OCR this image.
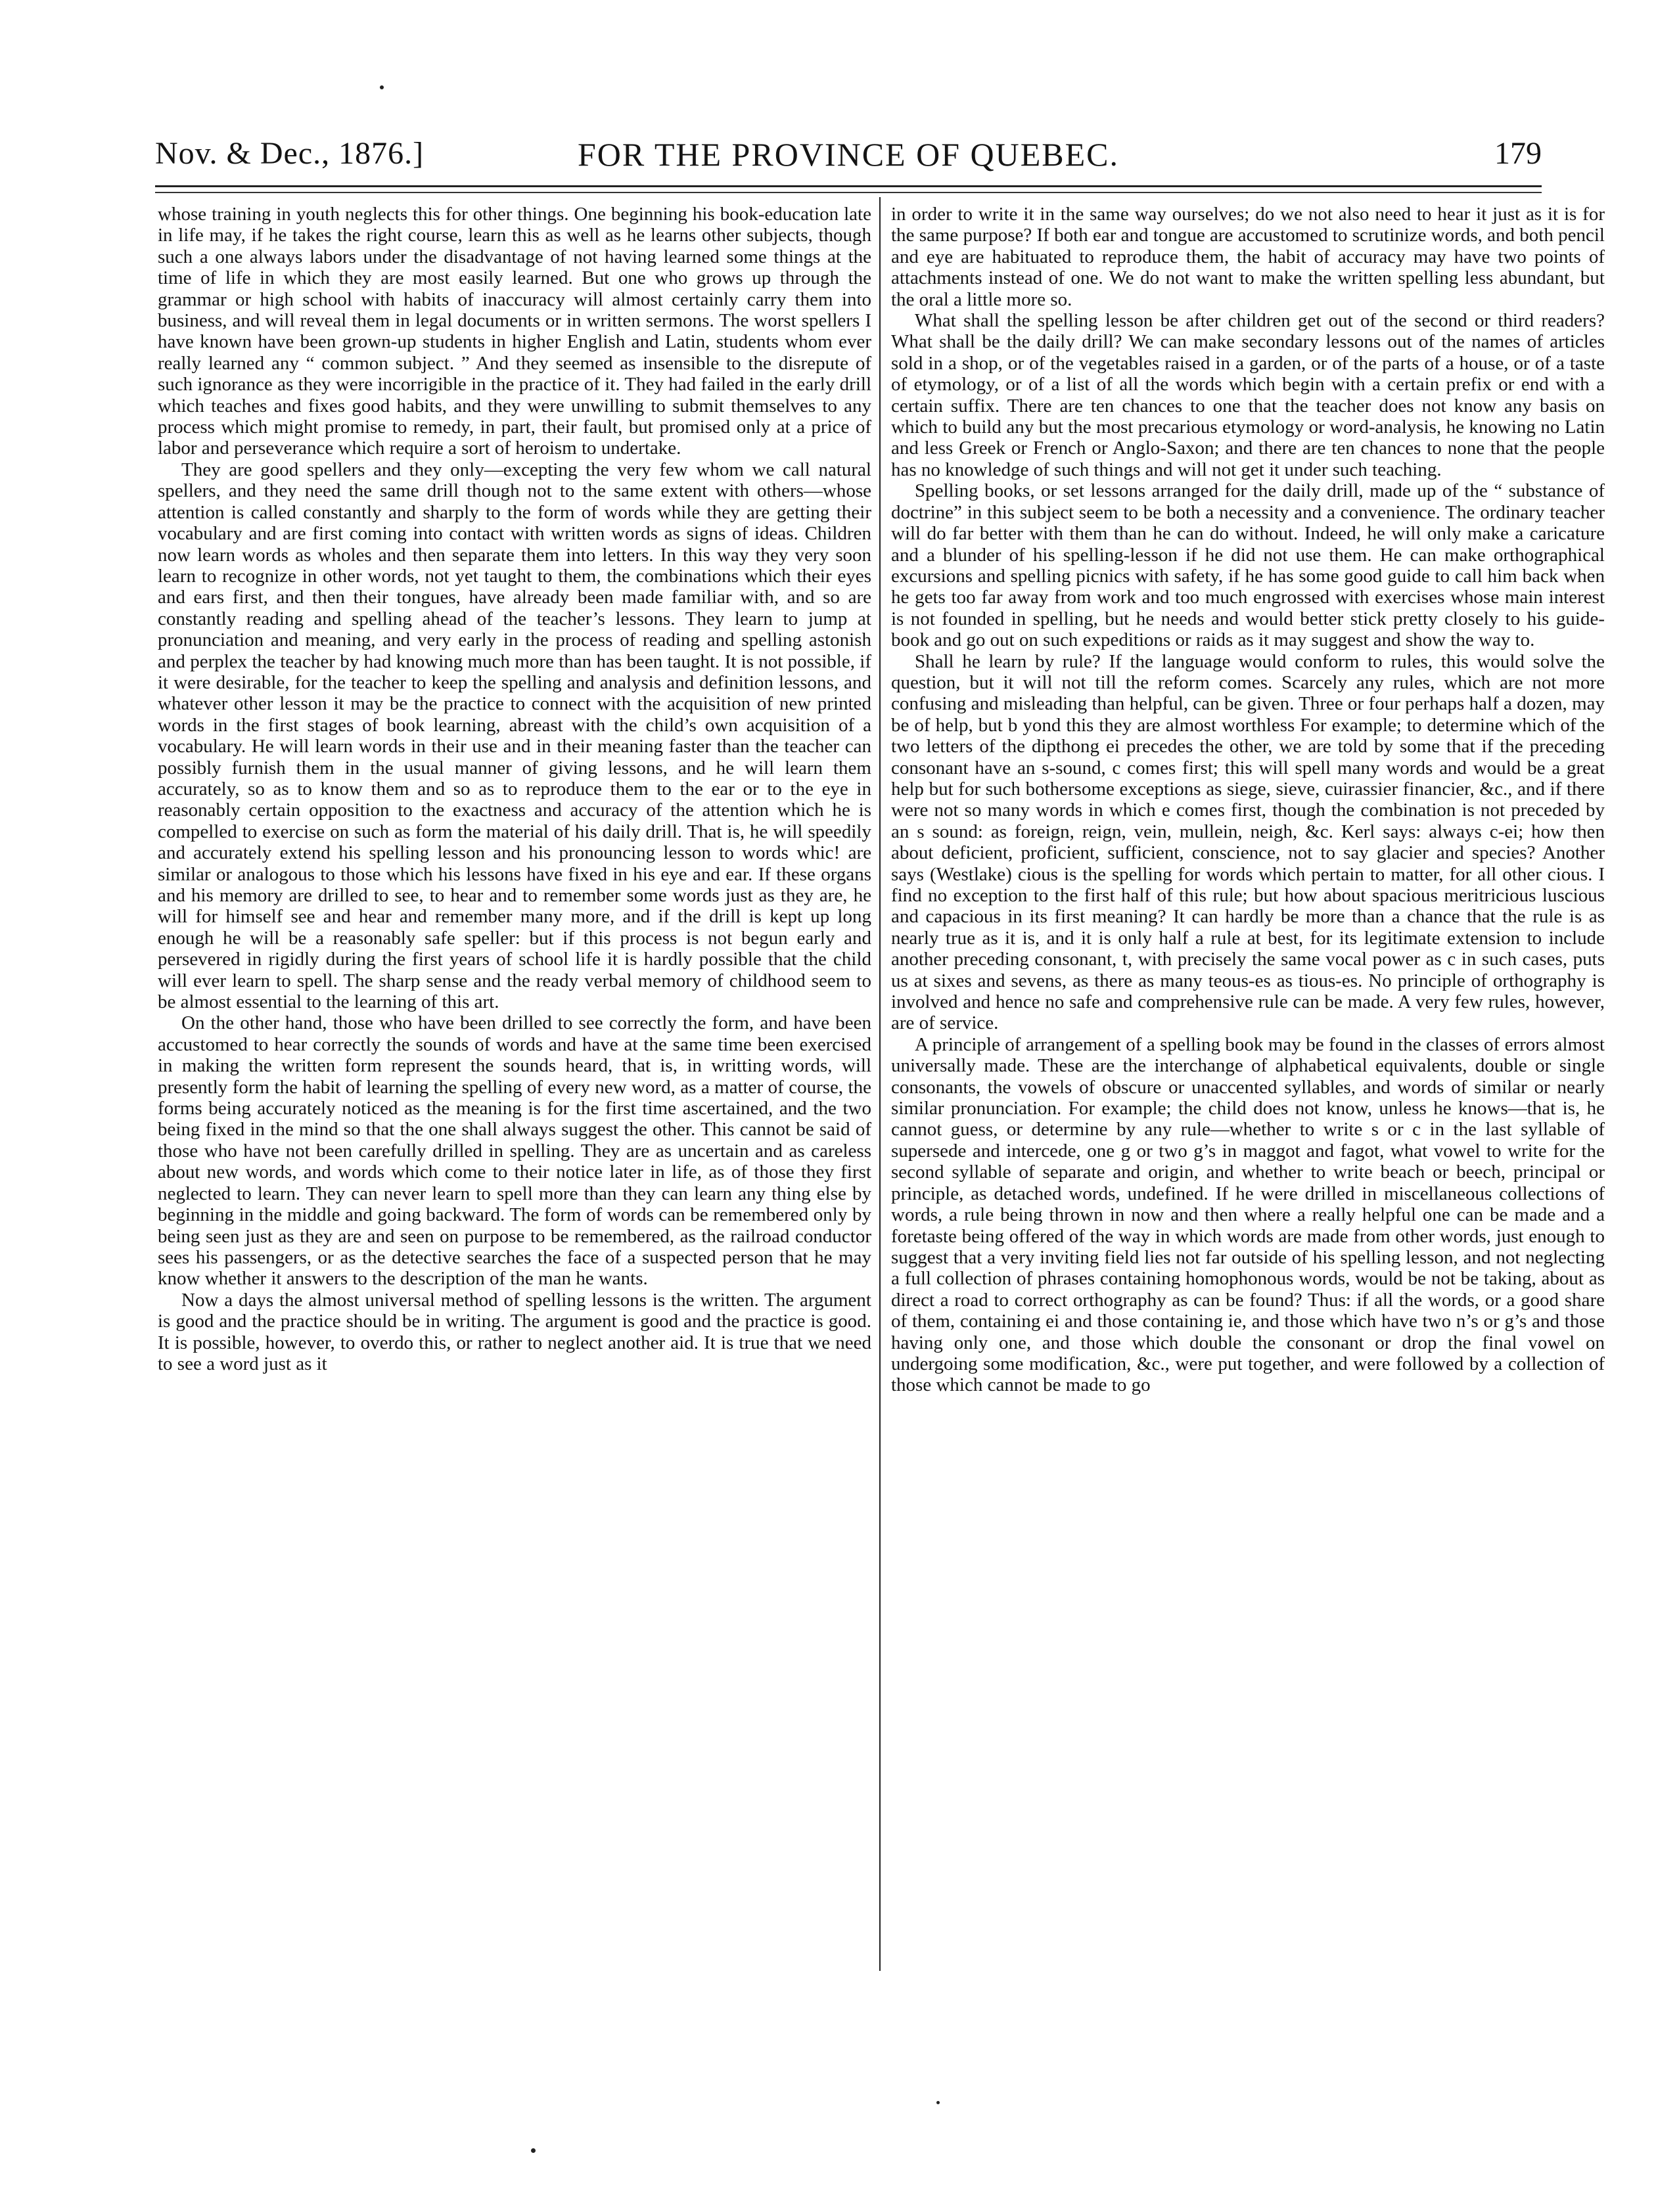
Nov. & Dec., 1876.]	FOR THE PROVINCE OF QUEBEC.	179

whose training in youth neglects this for other things. One beginning his book-education late in life may, if he takes the right course, learn this as well as he learns other subjects, though such a one always labors under the disadvantage of not having learned some things at the time of life in which they are most easily learned. But one who grows up through the grammar or high school with habits of inaccuracy will almost certainly carry them into business, and will reveal them in legal documents or in written sermons. The worst spellers I have known have been grown-up students in higher English and Latin, students whom ever really learned any “ common subject. ” And they seemed as insensible to the disrepute of such ignorance as they were incorrigible in the practice of it. They had failed in the early drill which teaches and fixes good habits, and they were unwilling to submit themselves to any process which might promise to remedy, in part, their fault, but promised only at a price of labor and perseverance which require a sort of heroism to undertake.

They are good spellers and they only—excepting the very few whom we call natural spellers, and they need the same drill though not to the same extent with others—whose attention is called constantly and sharply to the form of words while they are getting their vocabulary and are first coming into contact with written words as signs of ideas. Children now learn words as wholes and then separate them into letters. In this way they very soon learn to recognize in other words, not yet taught to them, the combinations which their eyes and ears first, and then their tongues, have already been made familiar with, and so are constantly reading and spelling ahead of the teacher’s lessons. They learn to jump at pronunciation and meaning, and very early in the process of reading and spelling astonish and perplex the teacher by had knowing much more than has been taught. It is not possible, if it were desirable, for the teacher to keep the spelling and analysis and definition lessons, and whatever other lesson it may be the practice to connect with the acquisition of new printed words in the first stages of book learning, abreast with the child’s own acquisition of a vocabulary. He will learn words in their use and in their meaning faster than the teacher can possibly furnish them in the usual manner of giving lessons, and he will learn them accurately, so as to know them and so as to reproduce them to the ear or to the eye in reasonably certain opposition to the exactness and accuracy of the attention which he is compelled to exercise on such as form the material of his daily drill. That is, he will speedily and accurately extend his spelling lesson and his pronouncing lesson to words whic! are similar or analogous to those which his lessons have fixed in his eye and ear. If these organs and his memory are drilled to see, to hear and to remember some words just as they are, he will for himself see and hear and remember many more, and if the drill is kept up long enough he will be a reasonably safe speller: but if this process is not begun early and persevered in rigidly during the first years of school life it is hardly possible that the child will ever learn to spell. The sharp sense and the ready verbal memory of childhood seem to be almost essential to the learning of this art.

On the other hand, those who have been drilled to see correctly the form, and have been accustomed to hear correctly the sounds of words and have at the same time been exercised in making the written form represent the sounds heard, that is, in writting words, will presently form the habit of learning the spelling of every new word, as a matter of course, the forms being accurately noticed as the meaning is for the first time ascertained, and the two being fixed in the mind so that the one shall always suggest the other. This cannot be said of those who have not been carefully drilled in spelling. They are as uncertain and as careless about new words, and words which come to their notice later in life, as of those they first neglected to learn. They can never learn to spell more than they can learn any thing else by beginning in the middle and going backward. The form of words can be remembered only by being seen just as they are and seen on purpose to be remembered, as the railroad conductor sees his passengers, or as the detective searches the face of a suspected person that he may know whether it answers to the description of the man he wants.

Now a days the almost universal method of spelling lessons is the written. The argument is good and the practice should be in writing. The argument is good and the practice is good. It is possible, however, to overdo this, or rather to neglect another aid. It is true that we need to see a word just as it

in order to write it in the same way ourselves; do we not also need to hear it just as it is for the same purpose? If both ear and tongue are accustomed to scrutinize words, and both pencil and eye are habituated to reproduce them, the habit of accuracy may have two points of attachments instead of one. We do not want to make the written spelling less abundant, but the oral a little more so.

What shall the spelling lesson be after children get out of the second or third readers? What shall be the daily drill? We can make secondary lessons out of the names of articles sold in a shop, or of the vegetables raised in a garden, or of the parts of a house, or of a taste of etymology, or of a list of all the words which begin with a certain prefix or end with a certain suffix. There are ten chances to one that the teacher does not know any basis on which to build any but the most precarious etymology or word-analysis, he knowing no Latin and less Greek or French or Anglo-Saxon; and there are ten chances to none that the people has no knowledge of such things and will not get it under such teaching.

Spelling books, or set lessons arranged for the daily drill, made up of the “ substance of doctrine” in this subject seem to be both a necessity and a convenience. The ordinary teacher will do far better with them than he can do without. Indeed, he will only make a caricature and a blunder of his spelling-lesson if he did not use them. He can make orthographical excursions and spelling picnics with safety, if he has some good guide to call him back when he gets too far away from work and too much engrossed with exercises whose main interest is not founded in spelling, but he needs and would better stick pretty closely to his guide-book and go out on such expeditions or raids as it may suggest and show the way to.

Shall he learn by rule? If the language would conform to rules, this would solve the question, but it will not till the reform comes. Scarcely any rules, which are not more confusing and misleading than helpful, can be given. Three or four perhaps half a dozen, may be of help, but b yond this they are almost worthless For example; to determine which of the two letters of the dipthong ei precedes the other, we are told by some that if the preceding consonant have an s-sound, c comes first; this will spell many words and would be a great help but for such bothersome exceptions as siege, sieve, cuirassier financier, &c., and if there were not so many words in which e comes first, though the combination is not preceded by an s sound: as foreign, reign, vein, mullein, neigh, &c. Kerl says: always c-ei; how then about deficient, proficient, sufficient, conscience, not to say glacier and species? Another says (Westlake) cious is the spelling for words which pertain to matter, for all other cious. I find no exception to the first half of this rule; but how about spacious meritricious luscious and capacious in its first meaning? It can hardly be more than a chance that the rule is as nearly true as it is, and it is only half a rule at best, for its legitimate extension to include another preceding consonant, t, with precisely the same vocal power as c in such cases, puts us at sixes and sevens, as there as many teous-es as tious-es. No principle of orthography is involved and hence no safe and comprehensive rule can be made. A very few rules, however, are of service.

A principle of arrangement of a spelling book may be found in the classes of errors almost universally made. These are the interchange of alphabetical equivalents, double or single consonants, the vowels of obscure or unaccented syllables, and words of similar or nearly similar pronunciation. For example; the child does not know, unless he knows—that is, he cannot guess, or determine by any rule—whether to write s or c in the last syllable of supersede and intercede, one g or two g’s in maggot and fagot, what vowel to write for the second syllable of separate and origin, and whether to write beach or beech, principal or principle, as detached words, undefined. If he were drilled in miscellaneous collections of words, a rule being thrown in now and then where a really helpful one can be made and a foretaste being offered of the way in which words are made from other words, just enough to suggest that a very inviting field lies not far outside of his spelling lesson, and not neglecting a full collection of phrases containing homophonous words, would be not be taking, about as direct a road to correct orthography as can be found? Thus: if all the words, or a good share of them, containing ei and those containing ie, and those which have two n’s or g’s and those having only one, and those which double the consonant or drop the final vowel on undergoing some modification, &c., were put together, and were followed by a collection of those which cannot be made to go
